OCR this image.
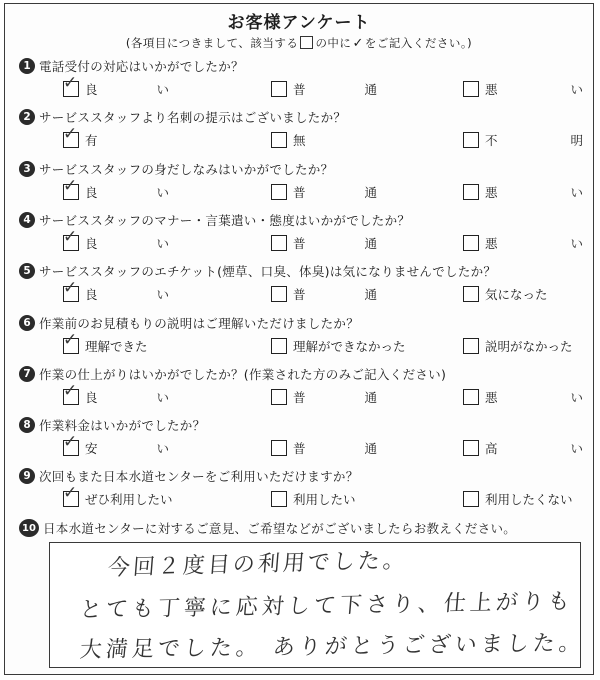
お客様アンケート
(各項目につきまして、該当する の中に✓をご記入ください。)
1 電話受付の対応はいかがでしたか？
✓ 良	い	普	通	悪	い
2 サービススタッフより名刺の提示はございましたか？
✓ 有	無	不	明
3 サービススタッフの身だしなみはいかがでしたか？
✓ 良	い	普	通	悪	い
4 サービススタッフのマナー・言葉遣い・態度はいかがでしたか？
✓ 良	い	普	通	悪	い
5 サービススタッフのエチケット(煙草、口臭、体臭)は気になりませんでしたか？
✓ 良	い	普	通	気になった
6 作業前のお見積もりの説明はご理解いただけましたか？
✓ 理解できた	理解ができなかった	説明がなかった
7 作業の仕上がりはいかがでしたか？(作業された方のみご記入ください)
✓ 良	い	普	通	悪	い
8 作業料金はいかがでしたか？
✓ 安	い	普	通	高	い
9 次回もまた日本水道センターをご利用いただけますか？
✓ ぜひ利用したい	利用したい	利用したくない
10 日本水道センターに対するご意見、ご希望などがございましたらお教えください。
今回２度目の利用でした。
とても丁寧に応対して下さり、仕上がりも
大満足でした。 ありがとうございました。
